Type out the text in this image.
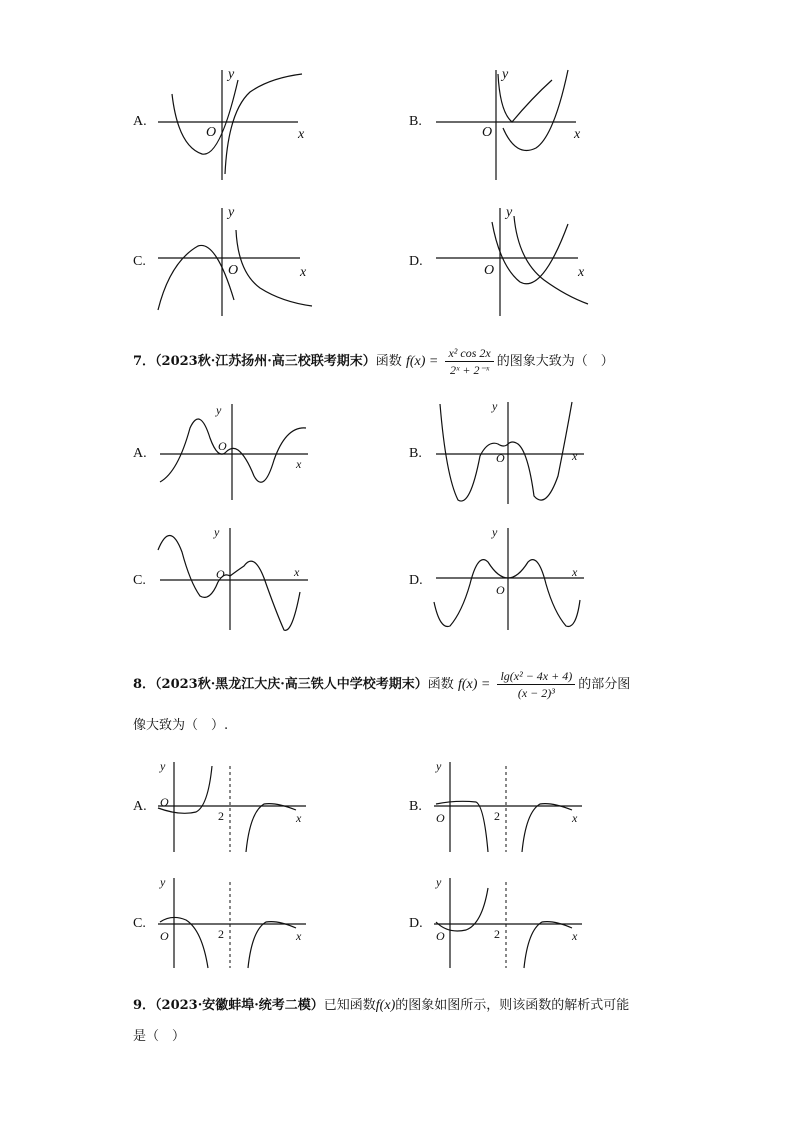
A.
y
O	x
B.
y
O	x
C.
y
O	x
D.
y
O	x
7．（2023秋·江苏扬州·高三校联考期末）函数 $f(x) = \frac{\text{x² cos 2x}}{\text{2ˣ + 2⁻ˣ}}$ 的图象大致为（　）
A.
y
O
x
B.
y
O	x
C.
y
O	x
D.
y
O
x
8．（2023秋·黑龙江大庆·高三铁人中学校考期末）函数 $f(x) = \frac{\text{lg(x² − 4x + 4)}}{\text{(x − 2)³}}$ 的部分图
像大致为（　）.
A.
y
O
2	x
B.
y
O	2	x
C.
y
O	2	x
D.
y
O	2	x
9．（2023·安徽蚌埠·统考二模）已知函数f(x)的图象如图所示，则该函数的解析式可能
是（　）
